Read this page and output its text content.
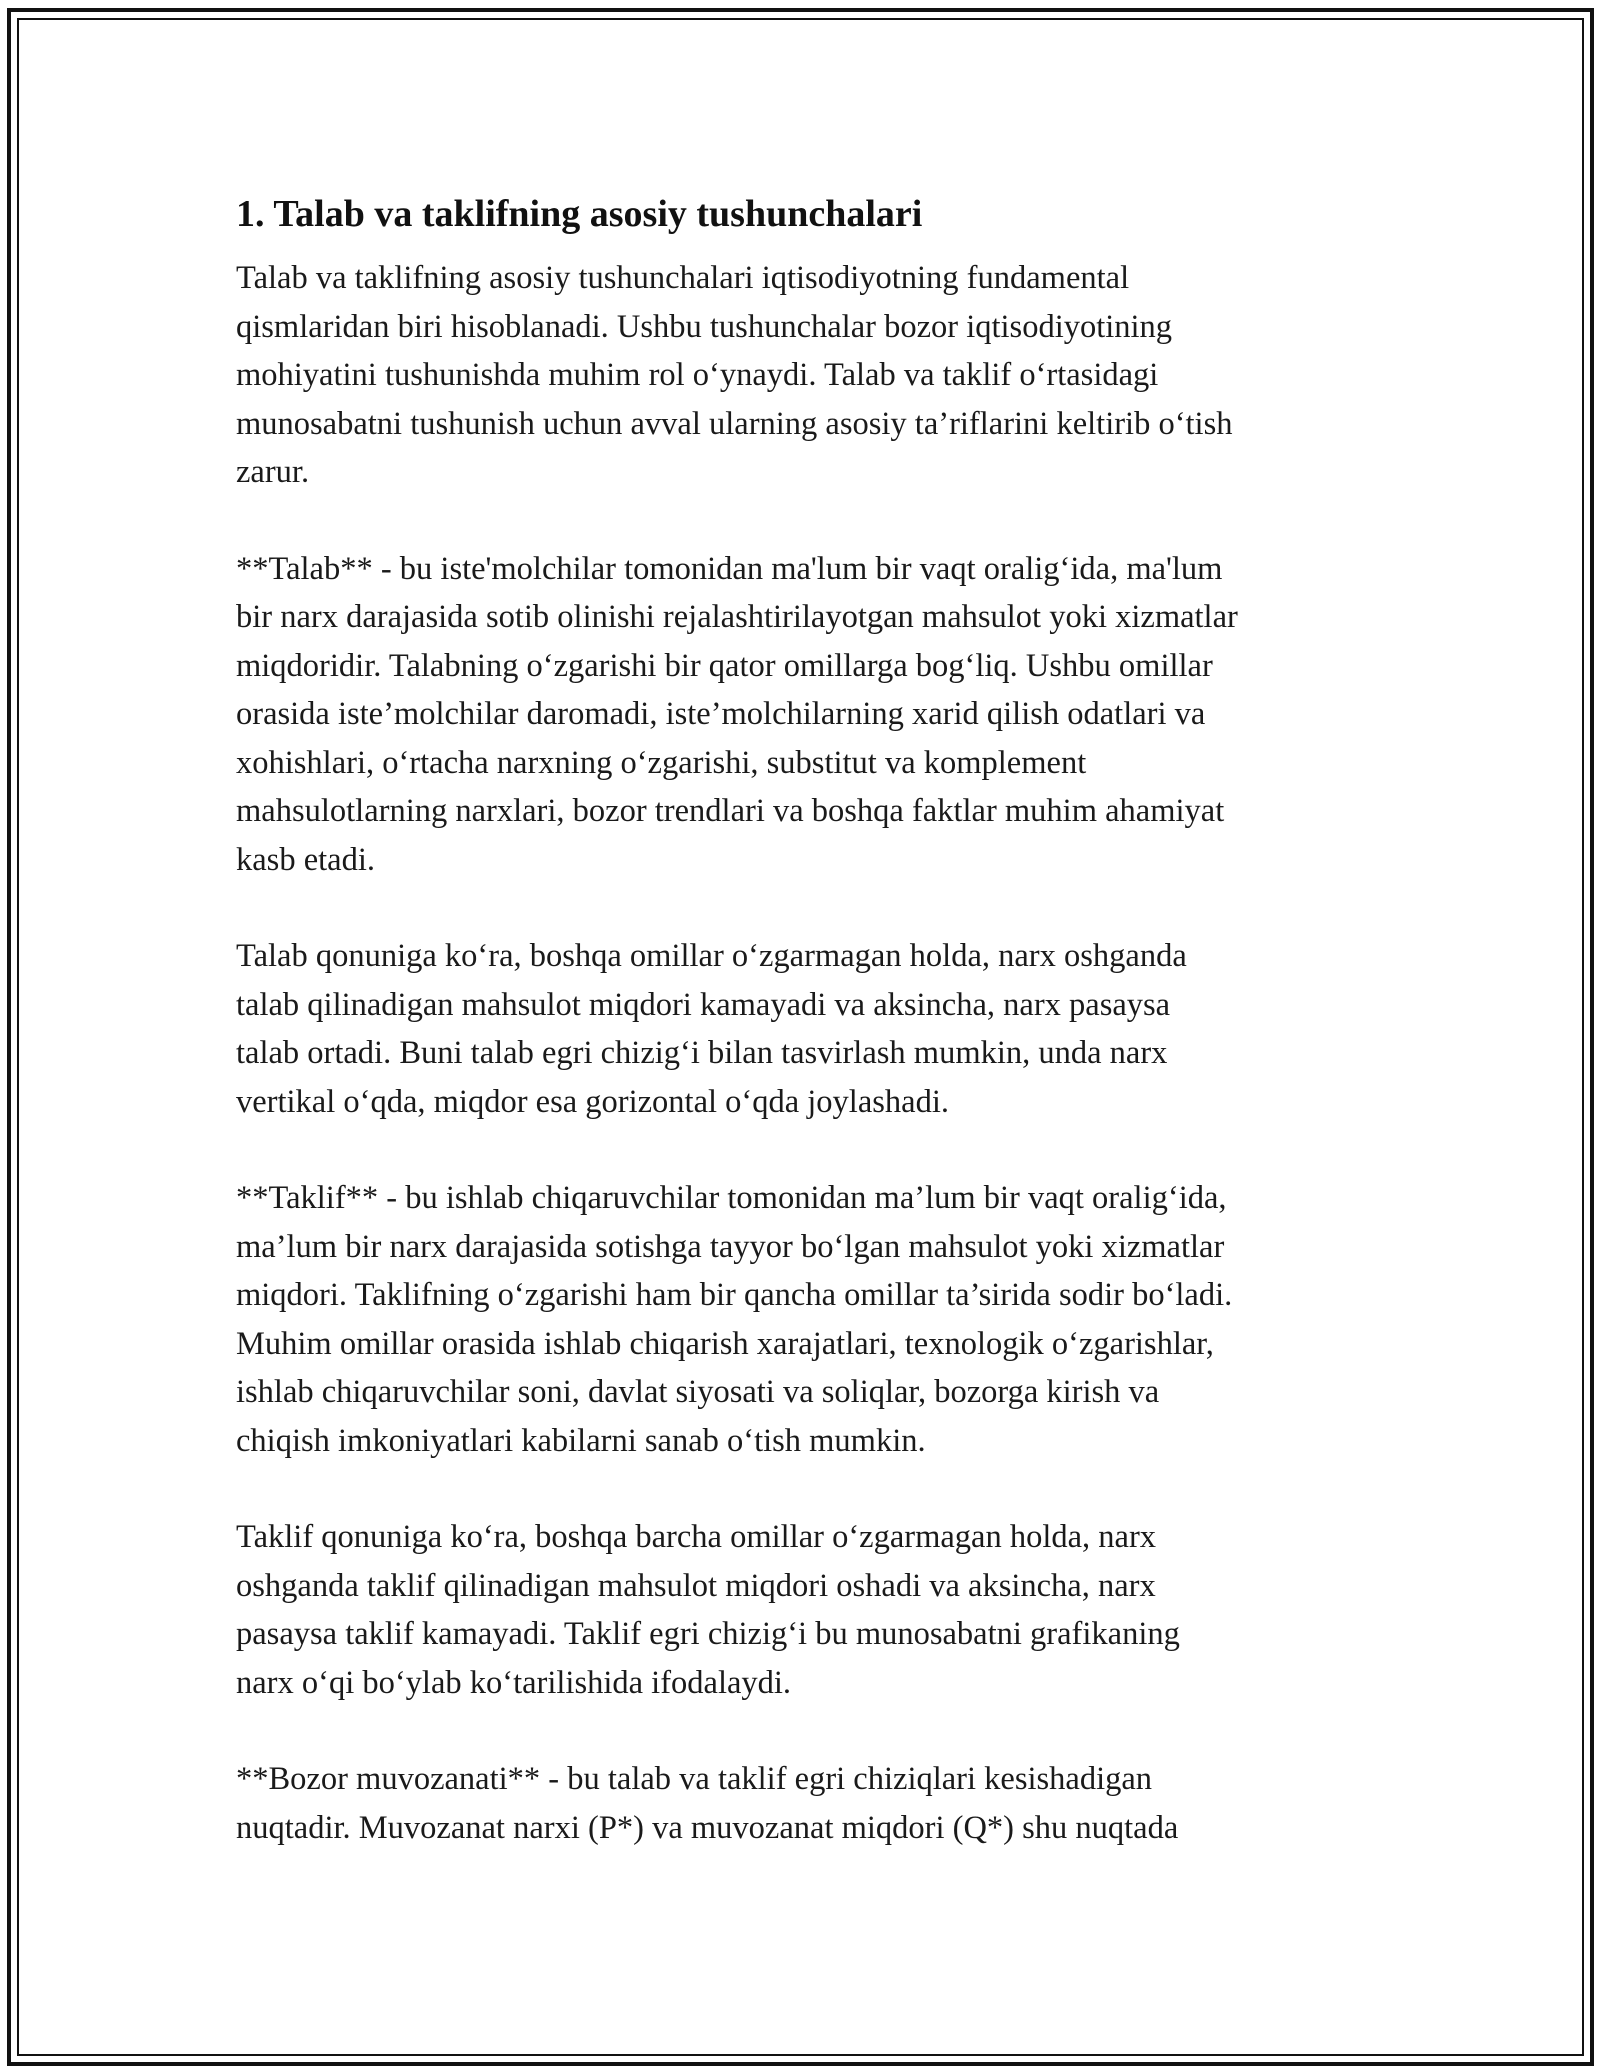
1. Talab va taklifning asosiy tushunchalari

Talab va taklifning asosiy tushunchalari iqtisodiyotning fundamental
qismlaridan biri hisoblanadi. Ushbu tushunchalar bozor iqtisodiyotining
mohiyatini tushunishda muhim rol o‘ynaydi. Talab va taklif o‘rtasidagi
munosabatni tushunish uchun avval ularning asosiy ta’riflarini keltirib o‘tish
zarur.

**Talab** - bu iste'molchilar tomonidan ma'lum bir vaqt oralig‘ida, ma'lum
bir narx darajasida sotib olinishi rejalashtirilayotgan mahsulot yoki xizmatlar
miqdoridir. Talabning o‘zgarishi bir qator omillarga bog‘liq. Ushbu omillar
orasida iste’molchilar daromadi, iste’molchilarning xarid qilish odatlari va
xohishlari, o‘rtacha narxning o‘zgarishi, substitut va komplement
mahsulotlarning narxlari, bozor trendlari va boshqa faktlar muhim ahamiyat
kasb etadi.

Talab qonuniga ko‘ra, boshqa omillar o‘zgarmagan holda, narx oshganda
talab qilinadigan mahsulot miqdori kamayadi va aksincha, narx pasaysa
talab ortadi. Buni talab egri chizig‘i bilan tasvirlash mumkin, unda narx
vertikal o‘qda, miqdor esa gorizontal o‘qda joylashadi.

**Taklif** - bu ishlab chiqaruvchilar tomonidan ma’lum bir vaqt oralig‘ida,
ma’lum bir narx darajasida sotishga tayyor bo‘lgan mahsulot yoki xizmatlar
miqdori. Taklifning o‘zgarishi ham bir qancha omillar ta’sirida sodir bo‘ladi.
Muhim omillar orasida ishlab chiqarish xarajatlari, texnologik o‘zgarishlar,
ishlab chiqaruvchilar soni, davlat siyosati va soliqlar, bozorga kirish va
chiqish imkoniyatlari kabilarni sanab o‘tish mumkin.

Taklif qonuniga ko‘ra, boshqa barcha omillar o‘zgarmagan holda, narx
oshganda taklif qilinadigan mahsulot miqdori oshadi va aksincha, narx
pasaysa taklif kamayadi. Taklif egri chizig‘i bu munosabatni grafikaning
narx o‘qi bo‘ylab ko‘tarilishida ifodalaydi.

**Bozor muvozanati** - bu talab va taklif egri chiziqlari kesishadigan
nuqtadir. Muvozanat narxi (P*) va muvozanat miqdori (Q*) shu nuqtada
